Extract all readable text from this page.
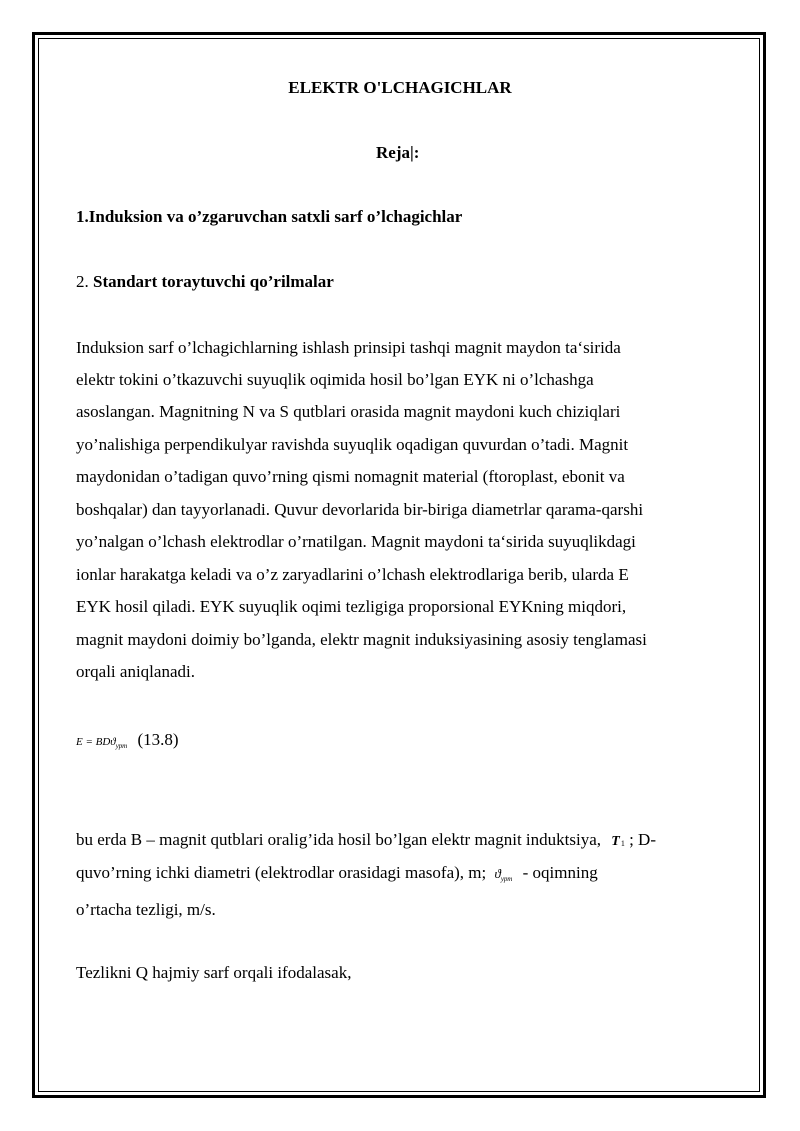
ELEKTR O'LCHAGICHLAR
Reja|:
1.Induksion va o’zgaruvchan satxli sarf o’lchagichlar
2. Standart toraytuvchi qo’rilmalar
Induksion sarf o’lchagichlarning ishlash prinsipi tashqi magnit maydon ta‘sirida
elektr tokini o’tkazuvchi suyuqlik oqimida hosil bo’lgan EYK ni o’lchashga
asoslangan. Magnitning N va S qutblari orasida magnit maydoni kuch chiziqlari
yo’nalishiga perpendikulyar ravishda suyuqlik oqadigan quvurdan o’tadi. Magnit
maydonidan o’tadigan quvo’rning qismi nomagnit material (ftoroplast, ebonit va
boshqalar) dan tayyorlanadi. Quvur devorlarida bir-biriga diametrlar qarama-qarshi
yo’nalgan o’lchash elektrodlar o’rnatilgan. Magnit maydoni ta‘sirida suyuqlikdagi
ionlar harakatga keladi va o’z zaryadlarini o’lchash elektrodlariga berib, ularda E
EYK hosil qiladi. EYK suyuqlik oqimi tezligiga proporsional EYKning miqdori,
magnit maydoni doimiy bo’lganda, elektr magnit induksiyasining asosiy tenglamasi
orqali aniqlanadi.
E = BDϑурт (13.8)
bu erda B – magnit qutblari oralig’ida hosil bo’lgan elektr magnit induktsiya, T1 ; D-
quvo’rning ichki diametri (elektrodlar orasidagi masofa), m; ϑурт - oqimning
o’rtacha tezligi, m/s.
Tezlikni Q hajmiy sarf orqali ifodalasak,
